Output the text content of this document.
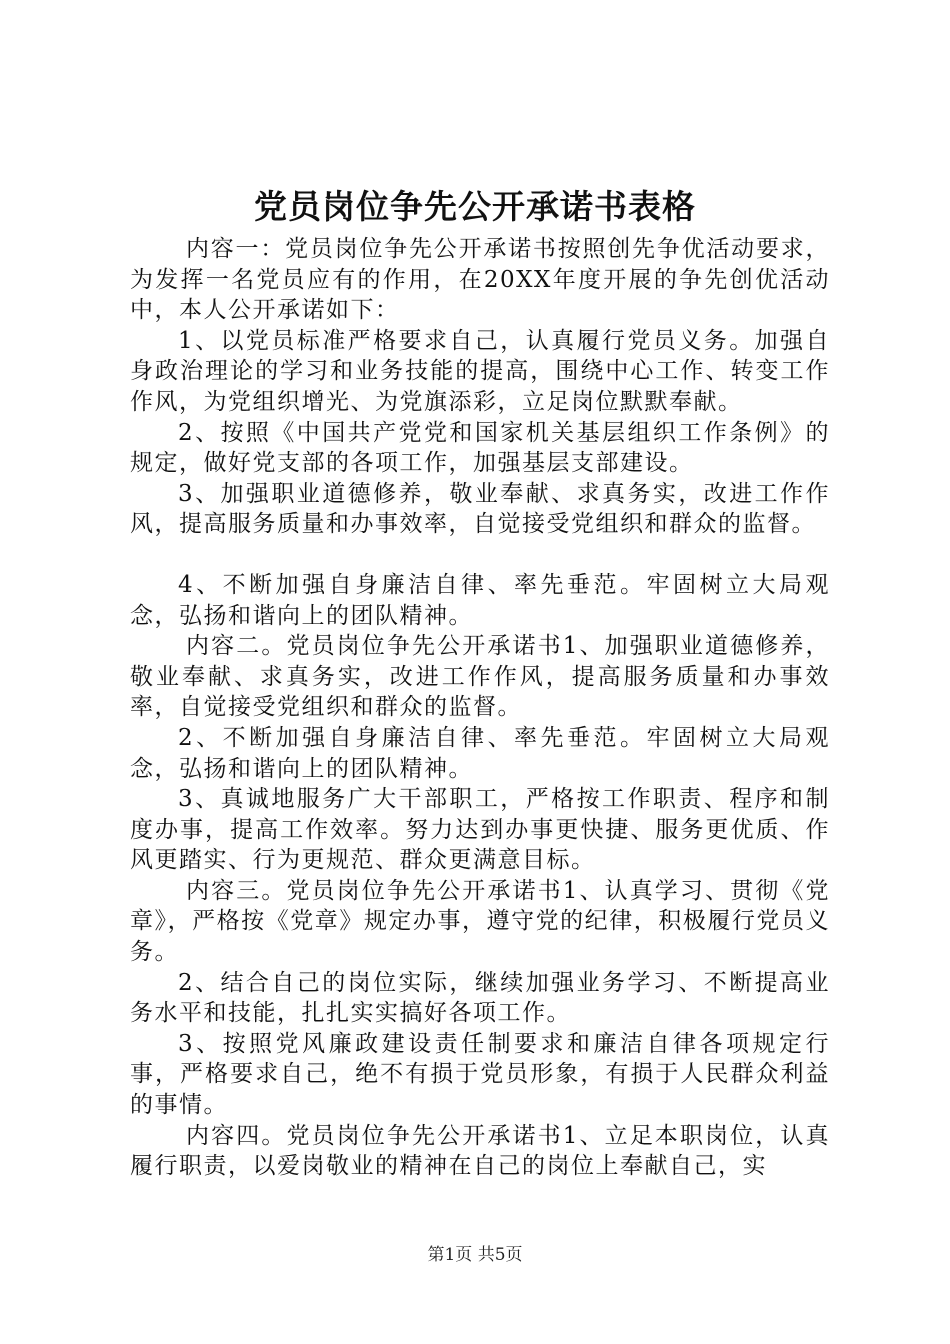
党员岗位争先公开承诺书表格

内容一：党员岗位争先公开承诺书按照创先争优活动要求，为发挥一名党员应有的作用，在20XX年度开展的争先创优活动中，本人公开承诺如下：

1、以党员标准严格要求自己，认真履行党员义务。加强自身政治理论的学习和业务技能的提高，围绕中心工作、转变工作作风，为党组织增光、为党旗添彩，立足岗位默默奉献。

2、按照《中国共产党党和国家机关基层组织工作条例》的规定，做好党支部的各项工作，加强基层支部建设。

3、加强职业道德修养，敬业奉献、求真务实，改进工作作风，提高服务质量和办事效率，自觉接受党组织和群众的监督。

4、不断加强自身廉洁自律、率先垂范。牢固树立大局观念，弘扬和谐向上的团队精神。

内容二。党员岗位争先公开承诺书1、加强职业道德修养，敬业奉献、求真务实，改进工作作风，提高服务质量和办事效率，自觉接受党组织和群众的监督。

2、不断加强自身廉洁自律、率先垂范。牢固树立大局观念，弘扬和谐向上的团队精神。

3、真诚地服务广大干部职工，严格按工作职责、程序和制度办事，提高工作效率。努力达到办事更快捷、服务更优质、作风更踏实、行为更规范、群众更满意目标。

内容三。党员岗位争先公开承诺书1、认真学习、贯彻《党章》，严格按《党章》规定办事，遵守党的纪律，积极履行党员义务。

2、结合自己的岗位实际，继续加强业务学习、不断提高业务水平和技能，扎扎实实搞好各项工作。

3、按照党风廉政建设责任制要求和廉洁自律各项规定行事，严格要求自己，绝不有损于党员形象，有损于人民群众利益的事情。

内容四。党员岗位争先公开承诺书1、立足本职岗位，认真履行职责，以爱岗敬业的精神在自己的岗位上奉献自己，实

第1页 共5页
